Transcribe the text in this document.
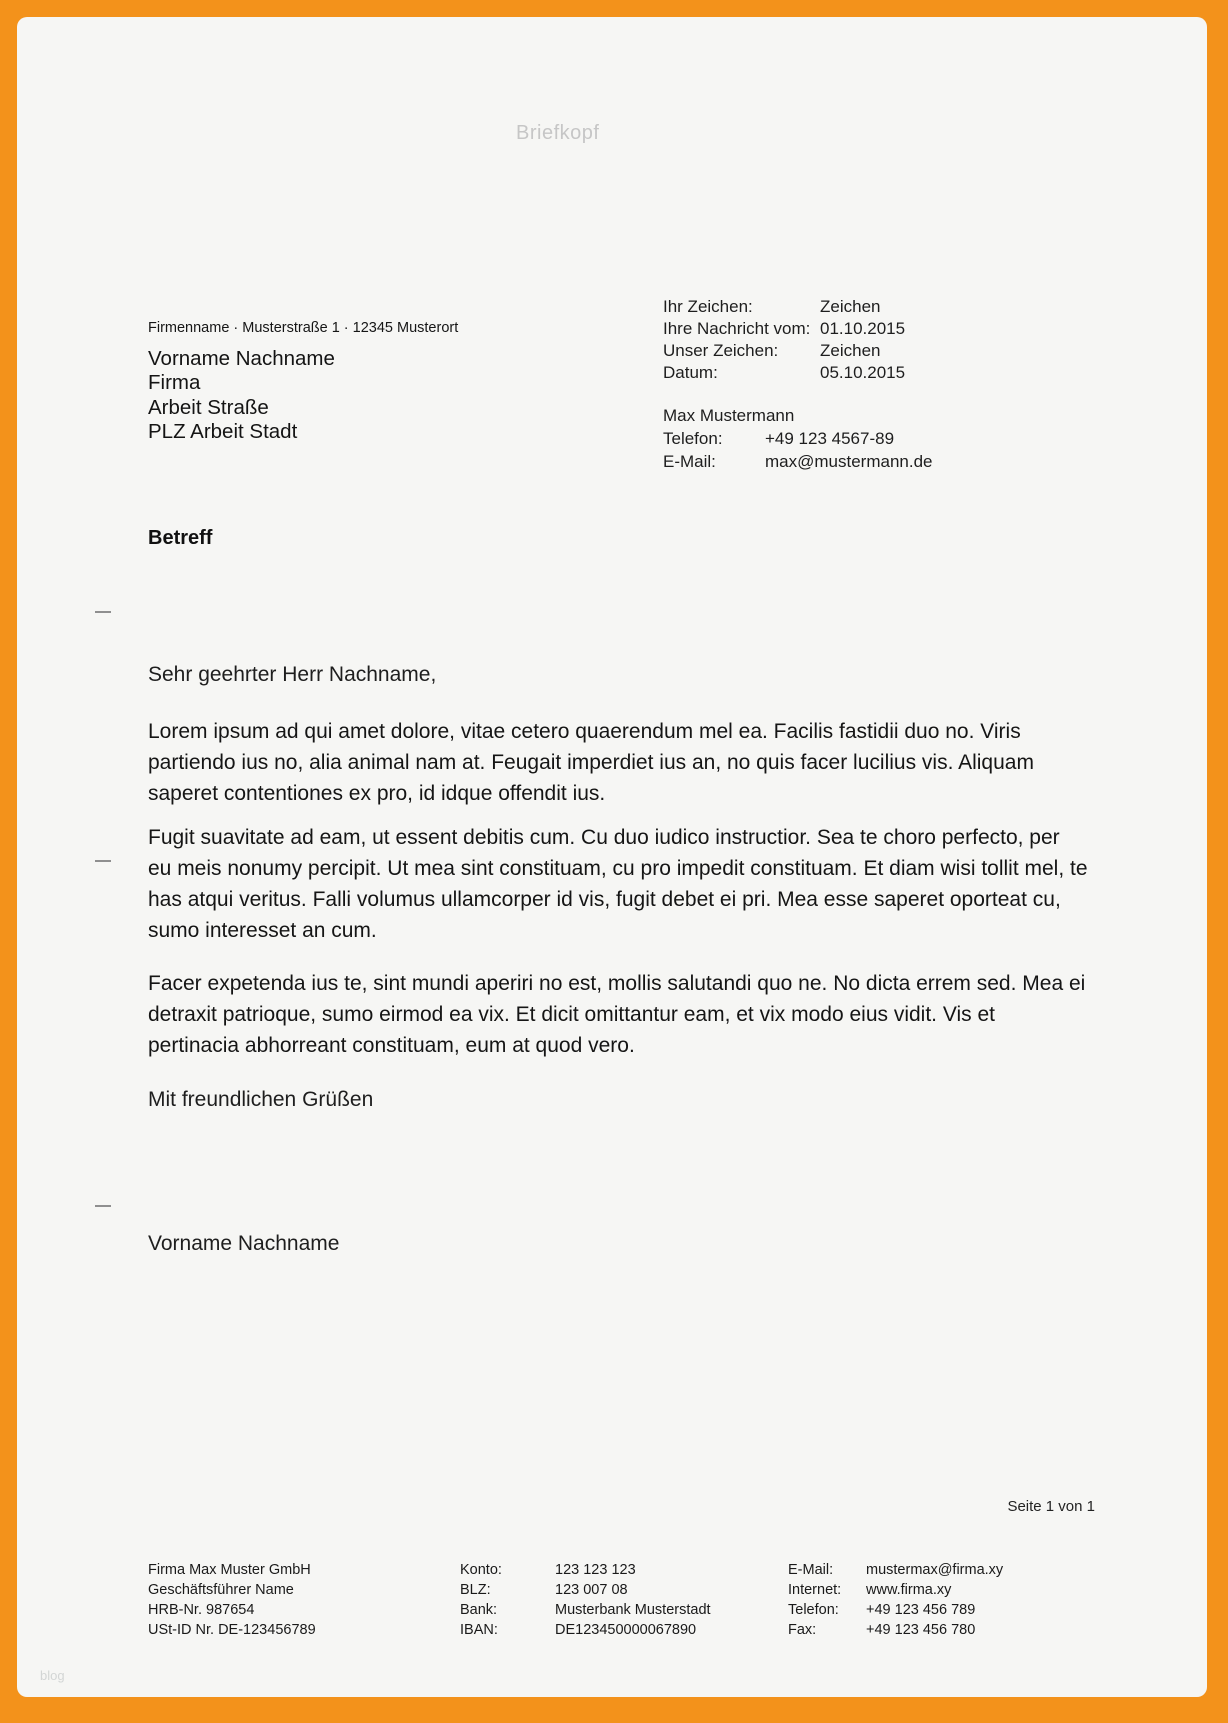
Briefkopf
Firmenname · Musterstraße 1 · 12345 Musterort
Vorname Nachname
Firma
Arbeit Straße
PLZ Arbeit Stadt
Ihr Zeichen:	Zeichen
Ihre Nachricht vom: 01.10.2015
Unser Zeichen:	Zeichen
Datum:	05.10.2015
Max Mustermann
Telefon:	+49 123 4567-89
E-Mail:	max@mustermann.de
Betreff
Sehr geehrter Herr Nachname,
Lorem ipsum ad qui amet dolore, vitae cetero quaerendum mel ea. Facilis fastidii duo no. Viris partiendo ius no, alia animal nam at. Feugait imperdiet ius an, no quis facer lucilius vis. Aliquam saperet contentiones ex pro, id idque offendit ius.
Fugit suavitate ad eam, ut essent debitis cum. Cu duo iudico instructior. Sea te choro perfecto, per eu meis nonumy percipit. Ut mea sint constituam, cu pro impedit constituam. Et diam wisi tollit mel, te has atqui veritus. Falli volumus ullamcorper id vis, fugit debet ei pri. Mea esse saperet oporteat cu, sumo interesset an cum.
Facer expetenda ius te, sint mundi aperiri no est, mollis salutandi quo ne. No dicta errem sed. Mea ei detraxit patrioque, sumo eirmod ea vix. Et dicit omittantur eam, et vix modo eius vidit. Vis et pertinacia abhorreant constituam, eum at quod vero.
Mit freundlichen Grüßen
Vorname Nachname
Seite 1 von 1
Firma Max Muster GmbH
Geschäftsführer Name
HRB-Nr. 987654
USt-ID Nr. DE-123456789
Konto:	123 123 123
BLZ:	123 007 08
Bank:	Musterbank Musterstadt
IBAN:	DE123450000067890
E-Mail:	mustermax@firma.xy
Internet:	www.firma.xy
Telefon:	+49 123 456 789
Fax:	+49 123 456 780
blog
